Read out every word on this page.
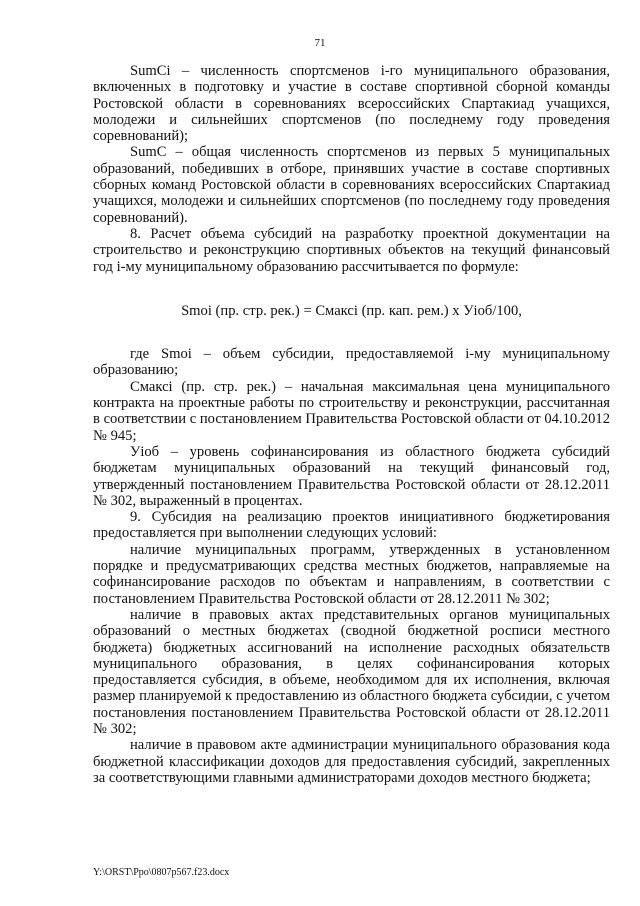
71

SumCi – численность спортсменов i-го муниципального образования, включенных в подготовку и участие в составе спортивной сборной команды Ростовской области в соревнованиях всероссийских Спартакиад учащихся, молодежи и сильнейших спортсменов (по последнему году проведения соревнований);

SumC – общая численность спортсменов из первых 5 муниципальных образований, победивших в отборе, принявших участие в составе спортивных сборных команд Ростовской области в соревнованиях всероссийских Спартакиад учащихся, молодежи и сильнейших спортсменов (по последнему году проведения соревнований).

8. Расчет объема субсидий на разработку проектной документации на строительство и реконструкцию спортивных объектов на текущий финансовый год i-му муниципальному образованию рассчитывается по формуле:

Smoi (пр. стр. рек.) = Смаксi (пр. кап. рем.) х Уioб/100,

где Smoi – объем субсидии, предоставляемой i-му муниципальному образованию;

Смаксi (пр. стр. рек.) – начальная максимальная цена муниципального контракта на проектные работы по строительству и реконструкции, рассчитанная в соответствии с постановлением Правительства Ростовской области от 04.10.2012 № 945;

Уioб – уровень софинансирования из областного бюджета субсидий бюджетам муниципальных образований на текущий финансовый год, утвержденный постановлением Правительства Ростовской области от 28.12.2011 № 302, выраженный в процентах.

9. Субсидия на реализацию проектов инициативного бюджетирования предоставляется при выполнении следующих условий:

наличие муниципальных программ, утвержденных в установленном порядке и предусматривающих средства местных бюджетов, направляемые на софинансирование расходов по объектам и направлениям, в соответствии с постановлением Правительства Ростовской области от 28.12.2011 № 302;

наличие в правовых актах представительных органов муниципальных образований о местных бюджетах (сводной бюджетной росписи местного бюджета) бюджетных ассигнований на исполнение расходных обязательств муниципального образования, в целях софинансирования которых предоставляется субсидия, в объеме, необходимом для их исполнения, включая размер планируемой к предоставлению из областного бюджета субсидии, с учетом постановления постановлением Правительства Ростовской области от 28.12.2011 № 302;

наличие в правовом акте администрации муниципального образования кода бюджетной классификации доходов для предоставления субсидий, закрепленных за соответствующими главными администраторами доходов местного бюджета;

Y:\ORST\Ppo\0807p567.f23.docx
